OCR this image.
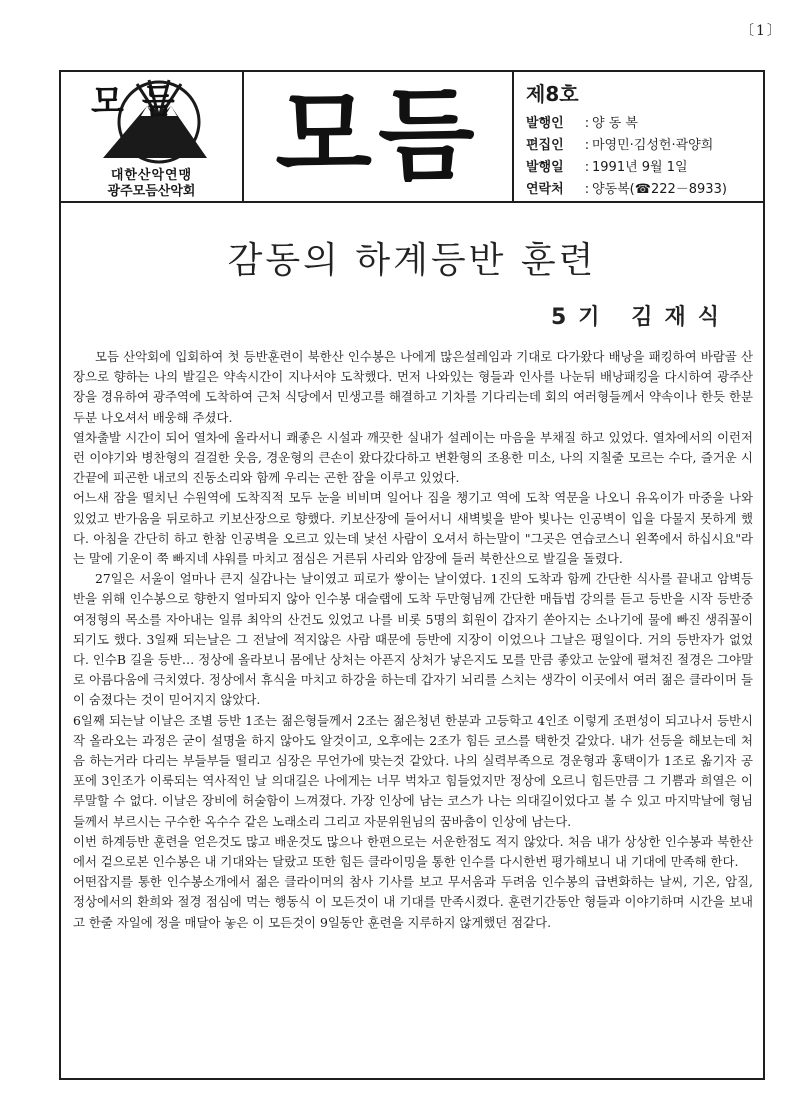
〔1〕
모듬
대한산악연맹
광주모듬산악회 모듬	제8호
발행인 : 양 동 복
편집인 : 마영민·김성헌·곽양희
발행일 : 1991년 9월 1일
연락처 : 양동복(☎222－8933)
감동의 하계등반 훈련
5기 김재식

모듬 산악회에 입회하여 첫 등반훈련이 북한산 인수봉은 나에게 많은설레임과 기대로 다가왔다 배낭을 패킹하여 바람골 산장으로 향하는 나의 발길은 약속시간이 지나서야 도착했다. 먼저 나와있는 형들과 인사를 나눈뒤 배낭패킹을 다시하여 광주산장을 경유하여 광주역에 도착하여 근처 식당에서 민생고를 해결하고 기차를 기다리는데 회의 여러형들께서 약속이나 한듯 한분두분 나오셔서 배웅해 주셨다.

열차출발 시간이 되어 열차에 올라서니 쾌좋은 시설과 깨끗한 실내가 설레이는 마음을 부채질 하고 있었다. 열차에서의 이런저런 이야기와 병찬형의 걸걸한 웃음, 경운형의 큰손이 왔다갔다하고 변환형의 조용한 미소, 나의 지칠줄 모르는 수다, 즐거운 시간끝에 피곤한 내코의 진동소리와 함께 우리는 곤한 잠을 이루고 있었다.

어느새 잠을 떨치닌 수원역에 도착직적 모두 눈을 비비며 일어나 짐을 챙기고 역에 도착 역문을 나오니 유옥이가 마중을 나와 있었고 반가움을 뒤로하고 키보산장으로 향했다. 키보산장에 들어서니 새벽빛을 받아 빛나는 인공벽이 입을 다물지 못하게 했다. 아침을 간단히 하고 한참 인공벽을 오르고 있는데 낯선 사람이 오셔서 하는말이 "그곳은 연습코스니 왼쪽에서 하십시요"라는 말에 기운이 쭉 빠지네 샤워를 마치고 점심은 거른뒤 사리와 암장에 들러 북한산으로 발길을 돌렸다.

27일은 서울이 얼마나 큰지 실감나는 날이였고 피로가 쌓이는 날이였다. 1진의 도착과 함께 간단한 식사를 끝내고 암벽등반을 위해 인수봉으로 향한지 얼마되지 않아 인수봉 대슬랩에 도착 두만형님께 간단한 매듭법 강의를 듣고 등반을 시작 등반중 여정형의 목소를 자아내는 일류 최악의 산건도 있었고 나를 비롯 5명의 회원이 갑자기 쏟아지는 소나기에 물에 빠진 생쥐꼴이 되기도 했다. 3일째 되는날은 그 전날에 적지않은 사람 때문에 등반에 지장이 이었으나 그날은 평일이다. 거의 등반자가 없었다. 인수B 길을 등반… 정상에 올라보니 몸에난 상처는 아픈지 상처가 낳은지도 모를 만큼 좋았고 눈앞에 펼쳐진 절경은 그야말로 아름다움에 극치였다. 정상에서 휴식을 마치고 하강을 하는데 갑자기 뇌리를 스치는 생각이 이곳에서 여러 젊은 클라이머 들이 숨졌다는 것이 믿어지지 않았다.

6일째 되는날 이날은 조별 등반 1조는 젊은형들께서 2조는 젊은청년 한분과 고등학고 4인조 이렇게 조편성이 되고나서 등반시작 올라오는 과정은 굳이 설명을 하지 않아도 알것이고, 오후에는 2조가 힘든 코스를 택한것 같았다. 내가 선등을 해보는데 처음 하는거라 다리는 부들부들 떨리고 심장은 무언가에 맞는것 같았다. 나의 실력부족으로 경운형과 홍택이가 1조로 옮기자 공포에 3인조가 이룩되는 역사적인 날 의대길은 나에게는 너무 벅차고 힘들었지만 정상에 오르니 힘든만큼 그 기쁨과 희열은 이루말할 수 없다. 이날은 장비에 허술함이 느껴졌다. 가장 인상에 남는 코스가 나는 의대길이었다고 볼 수 있고 마지막날에 형님들께서 부르시는 구수한 옥수수 같은 노래소리 그리고 자문위원님의 꿈바춤이 인상에 남는다.

이번 하계등반 훈련을 얻은것도 많고 배운것도 많으나 한편으로는 서운한점도 적지 않았다. 처음 내가 상상한 인수봉과 북한산에서 겉으로본 인수봉은 내 기대와는 달랐고 또한 힘든 클라이밍을 통한 인수를 다시한번 평가해보니 내 기대에 만족해 한다.

어떤잡지를 통한 인수봉소개에서 젊은 클라이머의 참사 기사를 보고 무서움과 두려움 인수봉의 급변화하는 날씨, 기온, 암질, 정상에서의 환희와 절경 점심에 먹는 행동식 이 모든것이 내 기대를 만족시켰다. 훈련기간동안 형들과 이야기하며 시간을 보내고 한줄 자일에 정을 매달아 놓은 이 모든것이 9일동안 훈련을 지루하지 않게했던 점같다.
